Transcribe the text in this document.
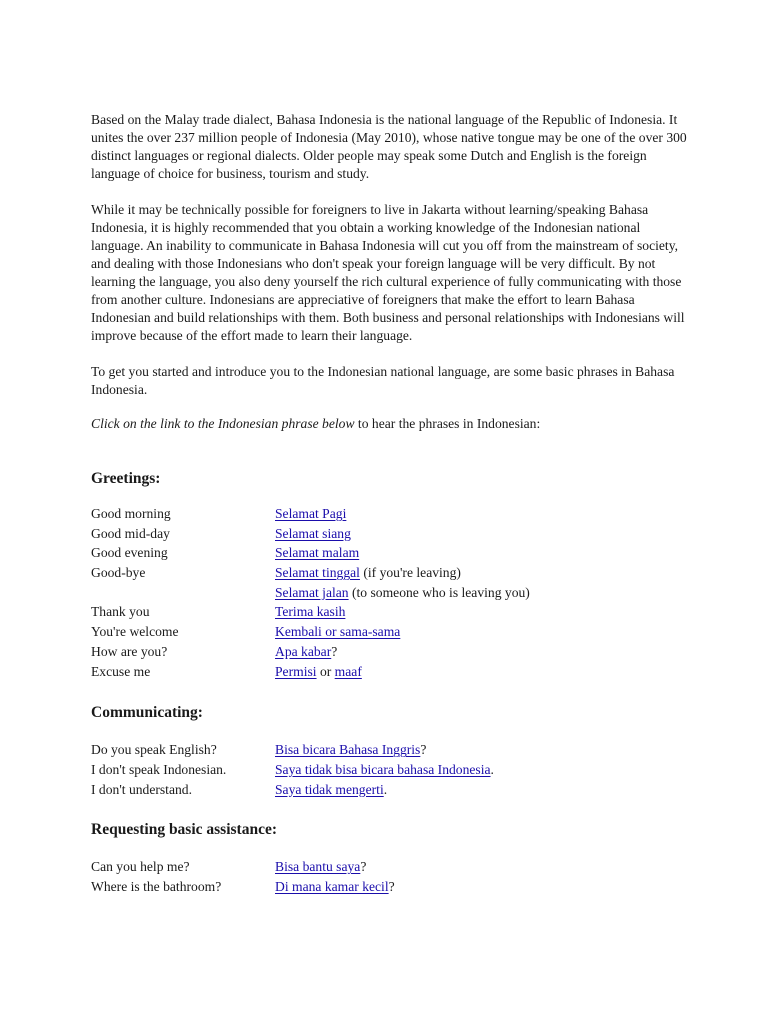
Based on the Malay trade dialect, Bahasa Indonesia is the national language of the Republic of Indonesia. It unites the over 237 million people of Indonesia (May 2010), whose native tongue may be one of the over 300 distinct languages or regional dialects. Older people may speak some Dutch and English is the foreign language of choice for business, tourism and study.

While it may be technically possible for foreigners to live in Jakarta without learning/speaking Bahasa Indonesia, it is highly recommended that you obtain a working knowledge of the Indonesian national language. An inability to communicate in Bahasa Indonesia will cut you off from the mainstream of society, and dealing with those Indonesians who don't speak your foreign language will be very difficult. By not learning the language, you also deny yourself the rich cultural experience of fully communicating with those from another culture. Indonesians are appreciative of foreigners that make the effort to learn Bahasa Indonesian and build relationships with them. Both business and personal relationships with Indonesians will improve because of the effort made to learn their language.

To get you started and introduce you to the Indonesian national language, are some basic phrases in Bahasa Indonesia.

Click on the link to the Indonesian phrase below to hear the phrases in Indonesian:

Greetings:
Good morning	Selamat Pagi
Good mid-day	Selamat siang
Good evening	Selamat malam
Good-bye	Selamat tinggal (if you're leaving)
Selamat jalan (to someone who is leaving you)
Thank you	Terima kasih
You're welcome	Kembali or sama-sama
How are you?	Apa kabar?
Excuse me	Permisi or maaf
Communicating:
Do you speak English?	Bisa bicara Bahasa Inggris?
I don't speak Indonesian.	Saya tidak bisa bicara bahasa Indonesia.
I don't understand.	Saya tidak mengerti.
Requesting basic assistance:
Can you help me?	Bisa bantu saya?
Where is the bathroom?	Di mana kamar kecil?
